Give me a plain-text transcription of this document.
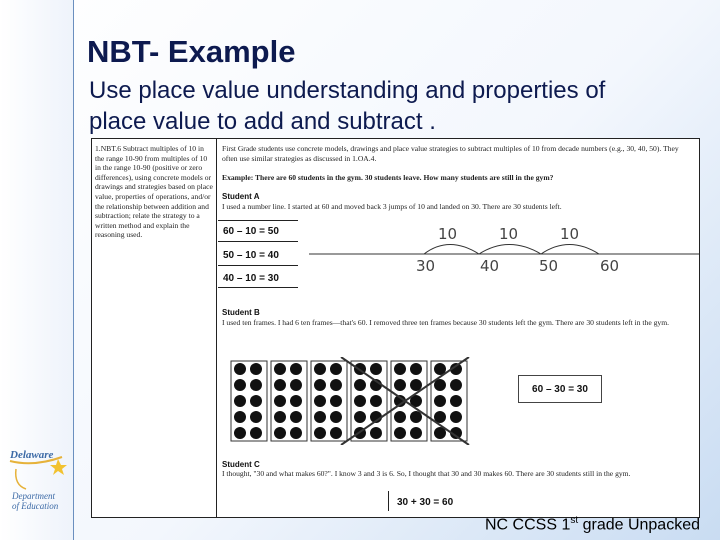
Delaware
Department
of Education
NBT- Example
Use place value understanding and properties of
place value to add and subtract .
1.NBT.6 Subtract multiples of 10 in the range 10-90 from multiples of 10 in the range 10-90 (positive or zero differences), using concrete models or drawings and strategies based on place value, properties of operations, and/or the relationship between addition and subtraction; relate the strategy to a written method and explain the reasoning used.
First Grade students use concrete models, drawings and place value strategies to subtract multiples of 10 from decade numbers (e.g., 30, 40, 50). They often use similar strategies as discussed in 1.OA.4.
Example: There are 60 students in the gym. 30 students leave. How many students are still in the gym?
Student A
I used a number line. I started at 60 and moved back 3 jumps of 10 and landed on 30. There are 30 students left.
60 – 10 = 50
50 – 10 = 40
40 – 10 = 30
Student B
I used ten frames. I had 6 ten frames—that's 60. I removed three ten frames because 30 students left the gym. There are 30 students left in the gym.
Student C
I thought, "30 and what makes 60?". I know 3 and 3 is 6. So, I thought that 30 and 30 makes 60. There are 30 students still in the gym.
10	10	10
30	40	50	60
60 – 30 = 30
30 + 30 = 60
NC CCSS 1st grade Unpacked
